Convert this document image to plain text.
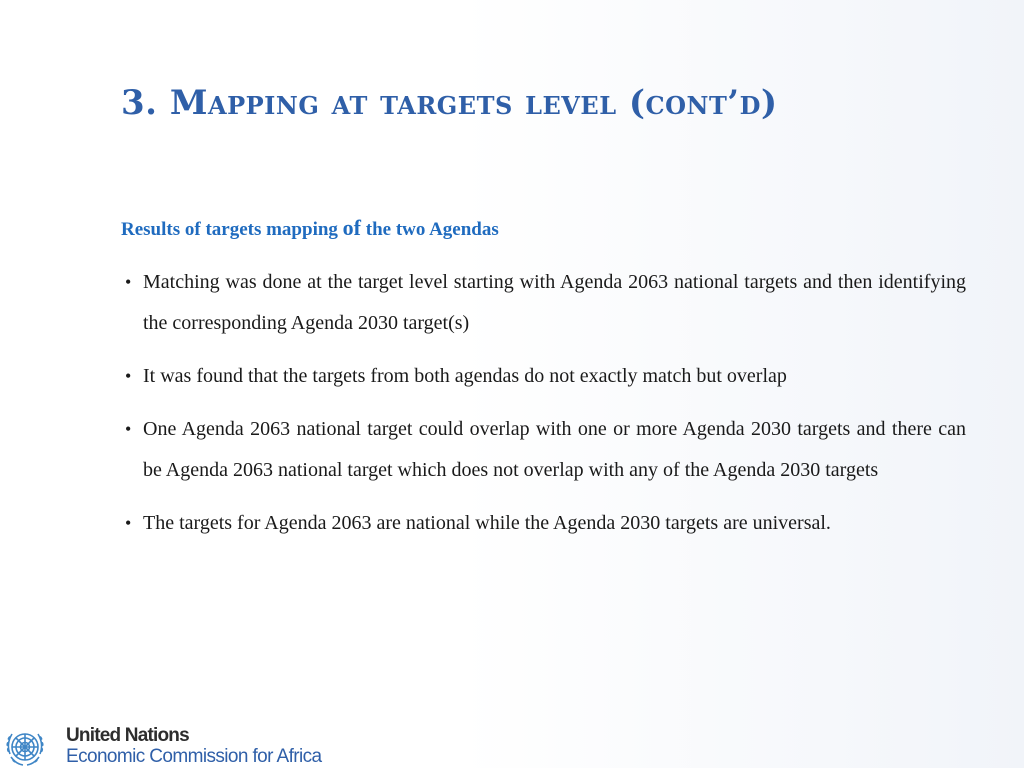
3. Mapping at targets level (cont’d)

Results of targets mapping of the two Agendas

• Matching was done at the target level starting with Agenda 2063 national targets and then identifying the corresponding Agenda 2030 target(s)
• It was found that the targets from both agendas do not exactly match but overlap
• One Agenda 2063 national target could overlap with one or more Agenda 2030 targets and there can be Agenda 2063 national target which does not overlap with any of the Agenda 2030 targets
• The targets for Agenda 2063 are national while the Agenda 2030 targets are universal.
United Nations
Economic Commission for Africa
